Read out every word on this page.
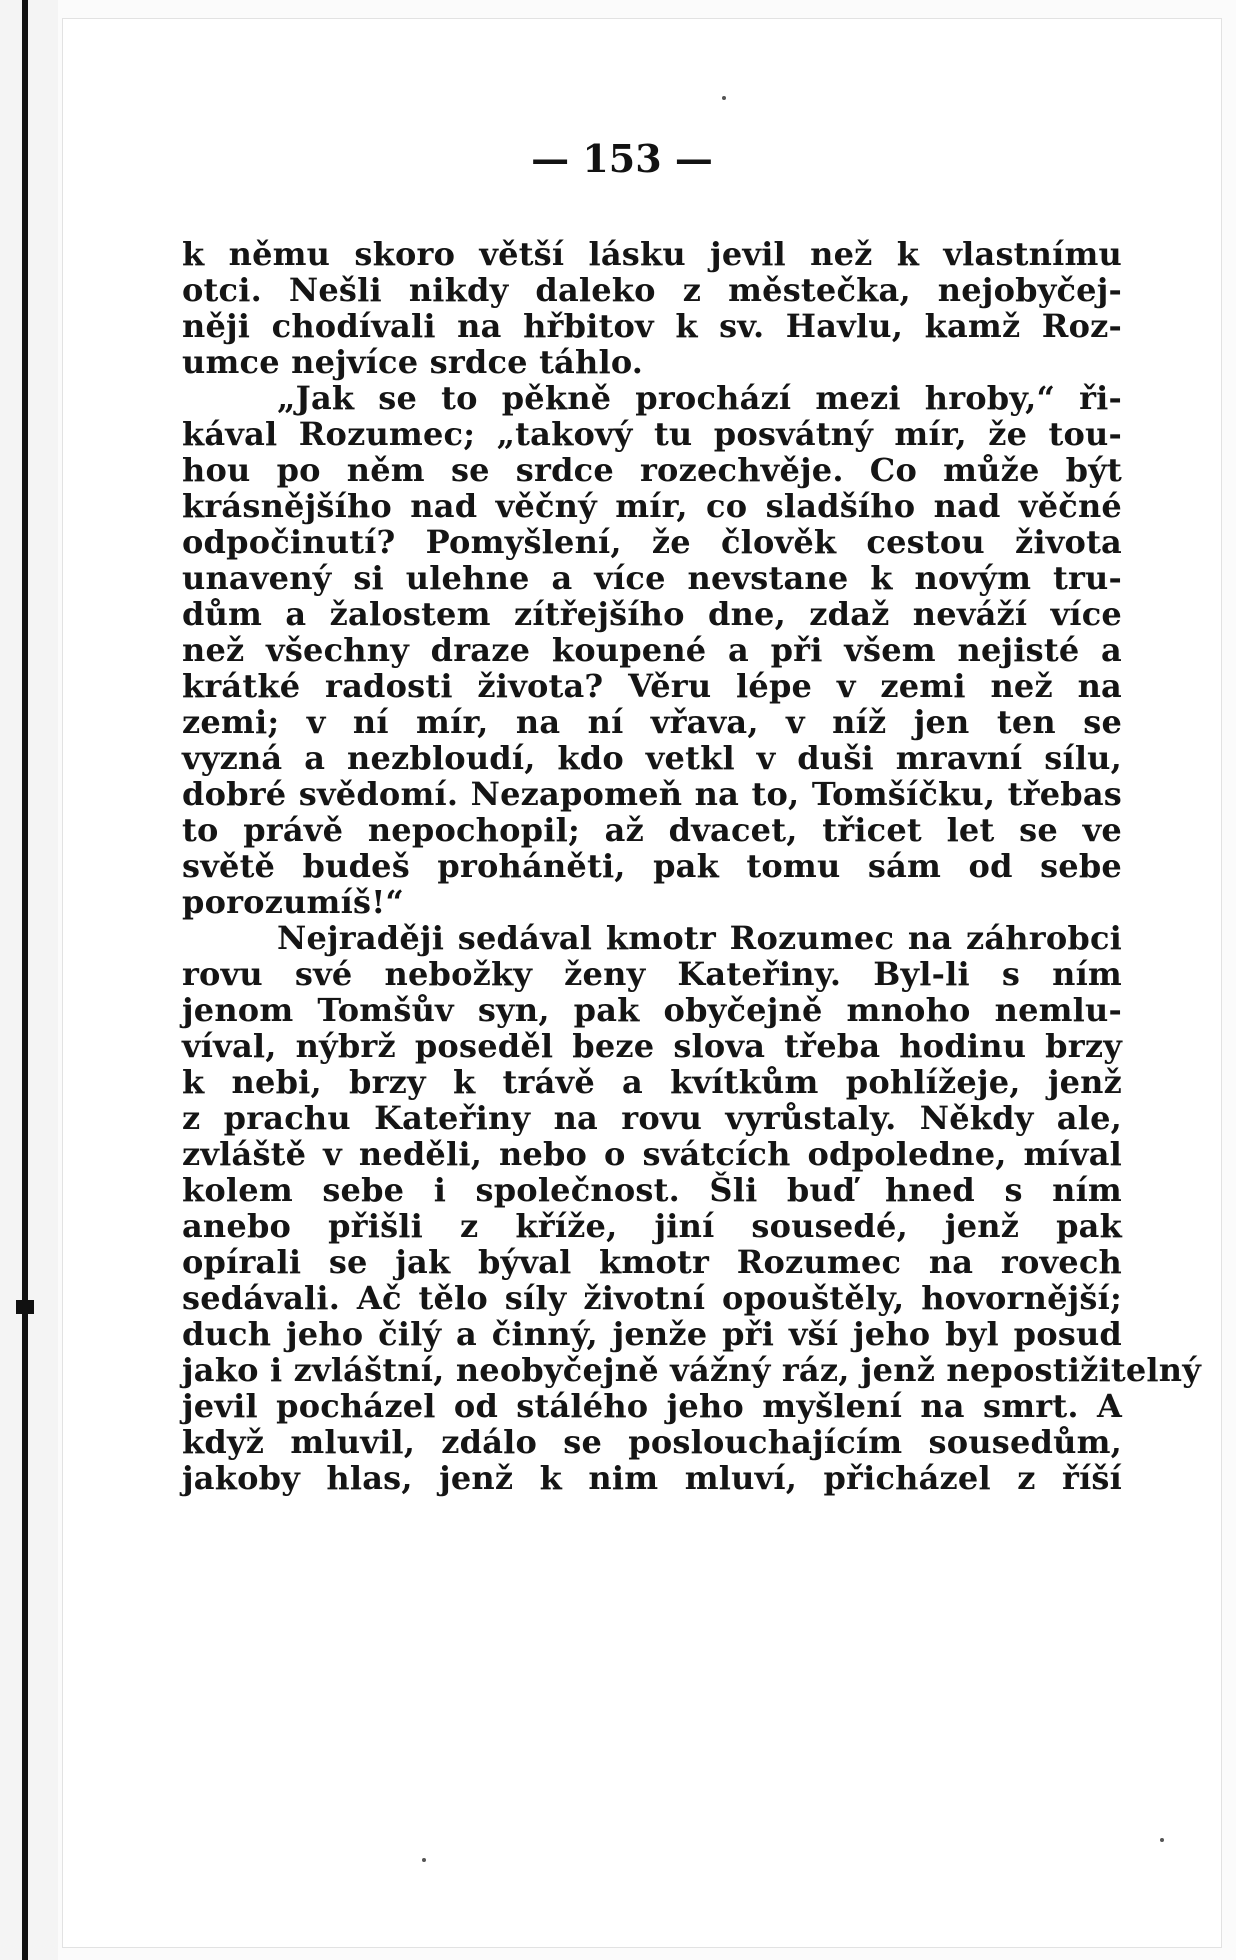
— 153 —
k němu skoro větší lásku jevil než k vlastnímu
otci. Nešli nikdy daleko z městečka, nejobyčej-
něji chodívali na hřbitov k sv. Havlu, kamž Roz-
umce nejvíce srdce táhlo.
„Jak se to pěkně prochází mezi hroby,“ ři-
kával Rozumec; „takový tu posvátný mír, že tou-
hou po něm se srdce rozechvěje. Co může být
krásnějšího nad věčný mír, co sladšího nad věčné
odpočinutí? Pomyšlení, že člověk cestou života
unavený si ulehne a více nevstane k novým tru-
dům a žalostem zítřejšího dne, zdaž neváží více
než všechny draze koupené a při všem nejisté a
krátké radosti života? Věru lépe v zemi než na
zemi; v ní mír, na ní vřava, v níž jen ten se
vyzná a nezbloudí, kdo vetkl v duši mravní sílu,
dobré svědomí. Nezapomeň na to, Tomšíčku, třebas
to právě nepochopil; až dvacet, třicet let se ve
světě budeš proháněti, pak tomu sám od sebe
porozumíš!“
Nejraději sedával kmotr Rozumec na záhrobci
rovu své nebožky ženy Kateřiny. Byl-li s ním
jenom Tomšův syn, pak obyčejně mnoho nemlu-
víval, nýbrž poseděl beze slova třeba hodinu brzy
k nebi, brzy k trávě a kvítkům pohlížeje, jenž
z prachu Kateřiny na rovu vyrůstaly. Někdy ale,
zvláště v neděli, nebo o svátcích odpoledne, míval
kolem sebe i společnost. Šli buď hned s ním
anebo přišli z kříže, jiní sousedé, jenž pak
opírali se jak býval kmotr Rozumec na rovech
sedávali. Ač tělo síly životní opouštěly, hovornější;
duch jeho čilý a činný, jenže při vší jeho byl posud
jako i zvláštní, neobyčejně vážný ráz, jenž nepostižitelný
jevil pocházel od stálého jeho myšlení na smrt. A
když mluvil, zdálo se poslouchajícím sousedům,
jakoby hlas, jenž k nim mluví, přicházel z říší
